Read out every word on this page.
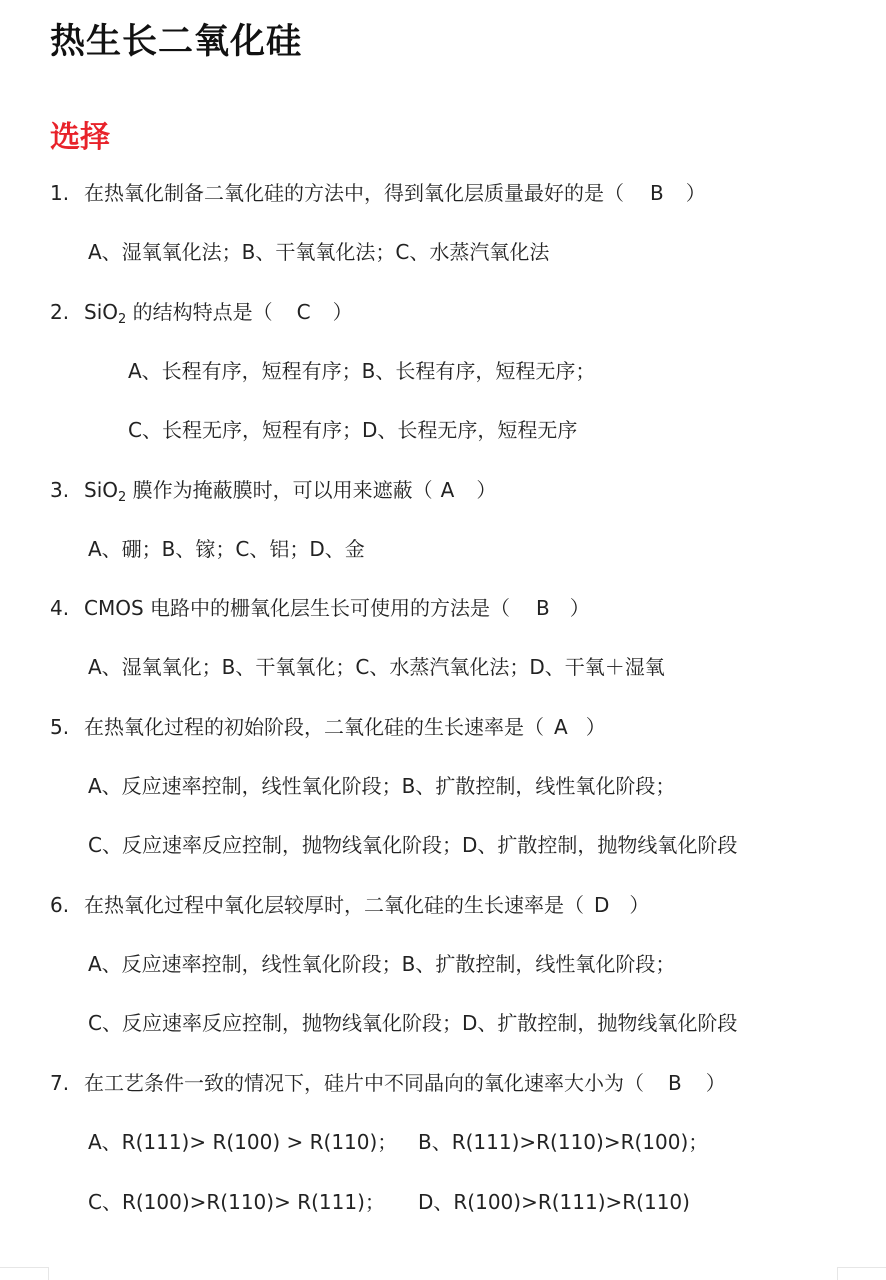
热生长二氧化硅
选择
1. 在热氧化制备二氧化硅的方法中，得到氧化层质量最好的是（ B ）
A、湿氧氧化法；B、干氧氧化法；C、水蒸汽氧化法
2. SiO$_2$ 的结构特点是（ C ）
A、长程有序，短程有序；B、长程有序，短程无序；
C、长程无序，短程有序；D、长程无序，短程无序
3. SiO$_2$ 膜作为掩蔽膜时，可以用来遮蔽（ A ）
A、硼；B、镓；C、铝；D、金
4. CMOS 电路中的栅氧化层生长可使用的方法是（ B ）
A、湿氧氧化；B、干氧氧化；C、水蒸汽氧化法；D、干氧＋湿氧
5. 在热氧化过程的初始阶段，二氧化硅的生长速率是（ A ）
A、反应速率控制，线性氧化阶段；B、扩散控制，线性氧化阶段；
C、反应速率反应控制，抛物线氧化阶段；D、扩散控制，抛物线氧化阶段
6. 在热氧化过程中氧化层较厚时，二氧化硅的生长速率是（ D ）
A、反应速率控制，线性氧化阶段；B、扩散控制，线性氧化阶段；
C、反应速率反应控制，抛物线氧化阶段；D、扩散控制，抛物线氧化阶段
7. 在工艺条件一致的情况下，硅片中不同晶向的氧化速率大小为（ B ）
A、R(111)> R(100) > R(110)； B、R(111)>R(110)>R(100)；
C、R(100)>R(110)> R(111)； D、R(100)>R(111)>R(110)
